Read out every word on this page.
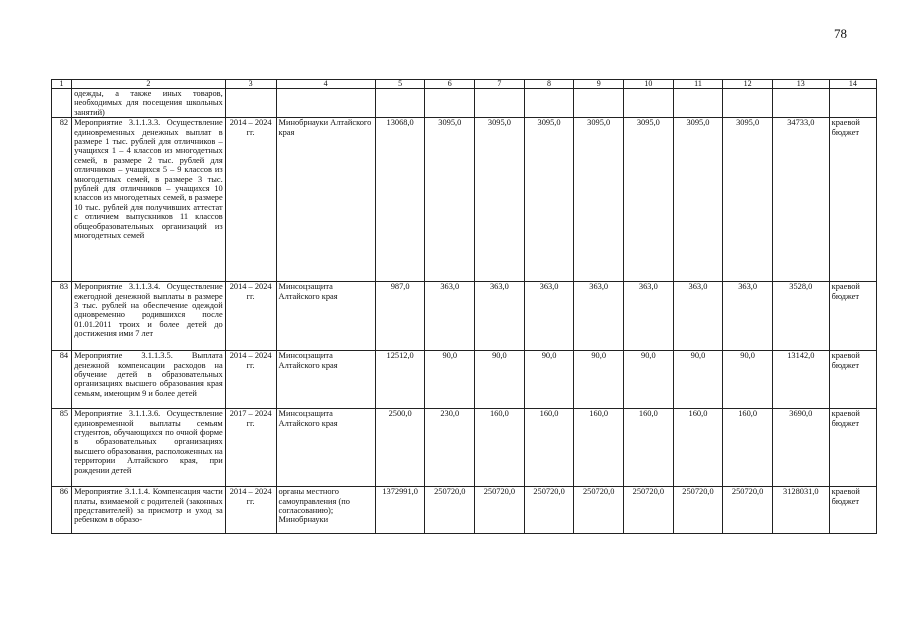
78
1	2	3	4	5	6	7	8	9	10	11	12	13	14
	одежды, а также иных товаров, необходимых для посещения школьных занятий)												
82	Мероприятие 3.1.1.3.3. Осуществление единовременных денежных выплат в размере 1 тыс. рублей для отличников – учащихся 1 – 4 классов из многодетных семей, в размере 2 тыс. рублей для отличников – учащихся 5 – 9 классов из многодетных семей, в размере 3 тыс. рублей для отличников – учащихся 10 классов из многодетных семей, в размере 10 тыс. рублей для получивших аттестат с отличием выпускников 11 классов общеобразовательных организаций из многодетных семей	2014 – 2024 гг.	Минобрнауки Алтайского края	13068,0	3095,0	3095,0	3095,0	3095,0	3095,0	3095,0	3095,0	34733,0	краевой бюджет
83	Мероприятие 3.1.1.3.4. Осуществление ежегодной денежной выплаты в размере 3 тыс. рублей на обеспечение одеждой одновременно родившихся после 01.01.2011 троих и более детей до достижения ими 7 лет	2014 – 2024 гг.	Минсоцзащита Алтайского края	987,0	363,0	363,0	363,0	363,0	363,0	363,0	363,0	3528,0	краевой бюджет
84	Мероприятие 3.1.1.3.5. Выплата денежной компенсации расходов на обучение детей в образовательных организациях высшего образования края семьям, имеющим 9 и более детей	2014 – 2024 гг.	Минсоцзащита Алтайского края	12512,0	90,0	90,0	90,0	90,0	90,0	90,0	90,0	13142,0	краевой бюджет
85	Мероприятие 3.1.1.3.6. Осуществление единовременной выплаты семьям студентов, обучающихся по очной форме в образовательных организациях высшего образования, расположенных на территории Алтайского края, при рождении детей	2017 – 2024 гг.	Минсоцзащита Алтайского края	2500,0	230,0	160,0	160,0	160,0	160,0	160,0	160,0	3690,0	краевой бюджет
86	Мероприятие 3.1.1.4. Компенсация части платы, взимаемой с родителей (законных представителей) за присмотр и уход за ребенком в образо-	2014 – 2024 гг.	органы местного самоуправления (по согласованию); Минобрнауки	1372991,0	250720,0	250720,0	250720,0	250720,0	250720,0	250720,0	250720,0	3128031,0	краевой бюджет
